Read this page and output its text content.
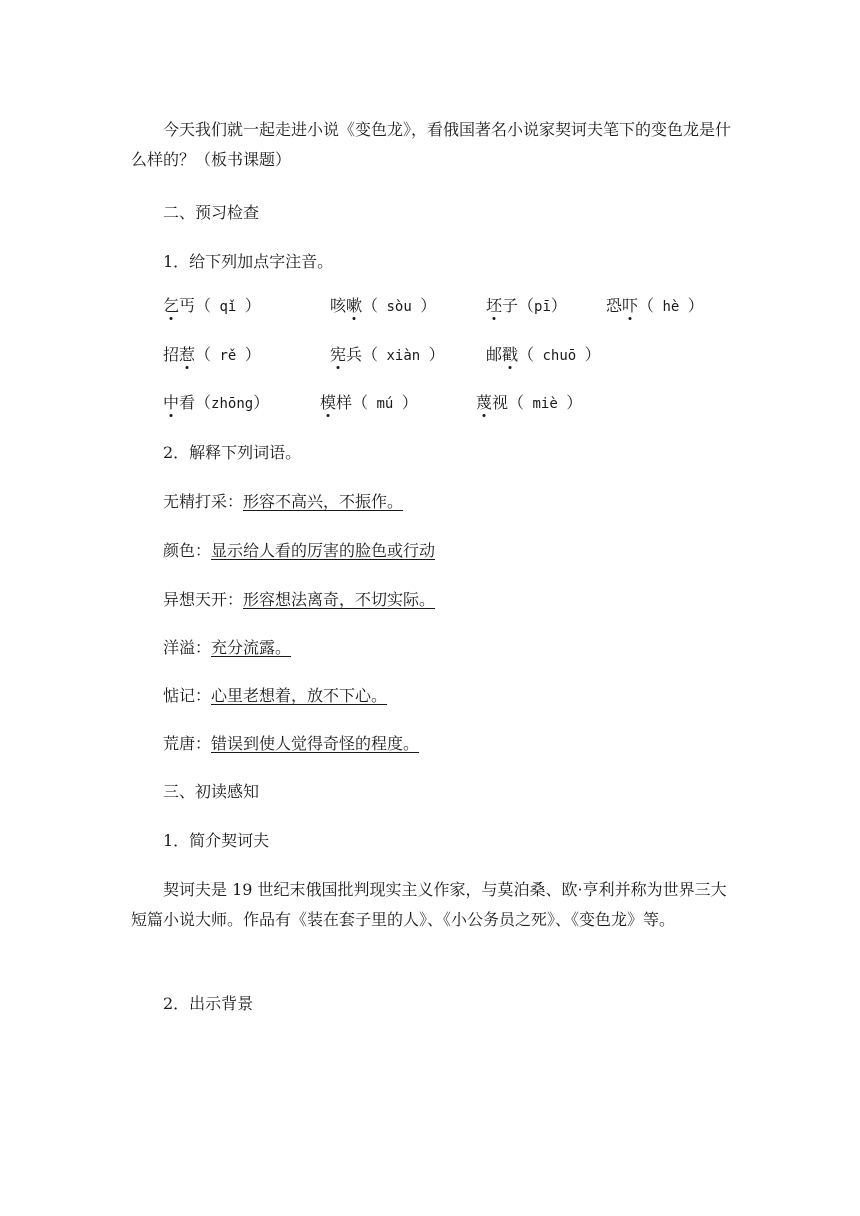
今天我们就一起走进小说《变色龙》，看俄国著名小说家契诃夫笔下的变色龙是什么样的？（板书课题）
二、预习检查
1．给下列加点字注音。
乞丐（ qǐ ）	咳嗽（ sòu ）	坯子（pī） 恐吓（ hè ）
招惹（ rě ）	宪兵（ xiàn ）	邮戳（ chuō ）
中看（zhōng）	模样（ mú ）	蔑视（ miè ）
2．解释下列词语。
无精打采：形容不高兴，不振作。
颜色：显示给人看的厉害的脸色或行动
异想天开：形容想法离奇，不切实际。
洋溢：充分流露。
惦记：心里老想着，放不下心。
荒唐：错误到使人觉得奇怪的程度。
三、初读感知
1．简介契诃夫
契诃夫是 19 世纪末俄国批判现实主义作家，与莫泊桑、欧·亨利并称为世界三大短篇小说大师。作品有《装在套子里的人》、《小公务员之死》、《变色龙》等。
2．出示背景
